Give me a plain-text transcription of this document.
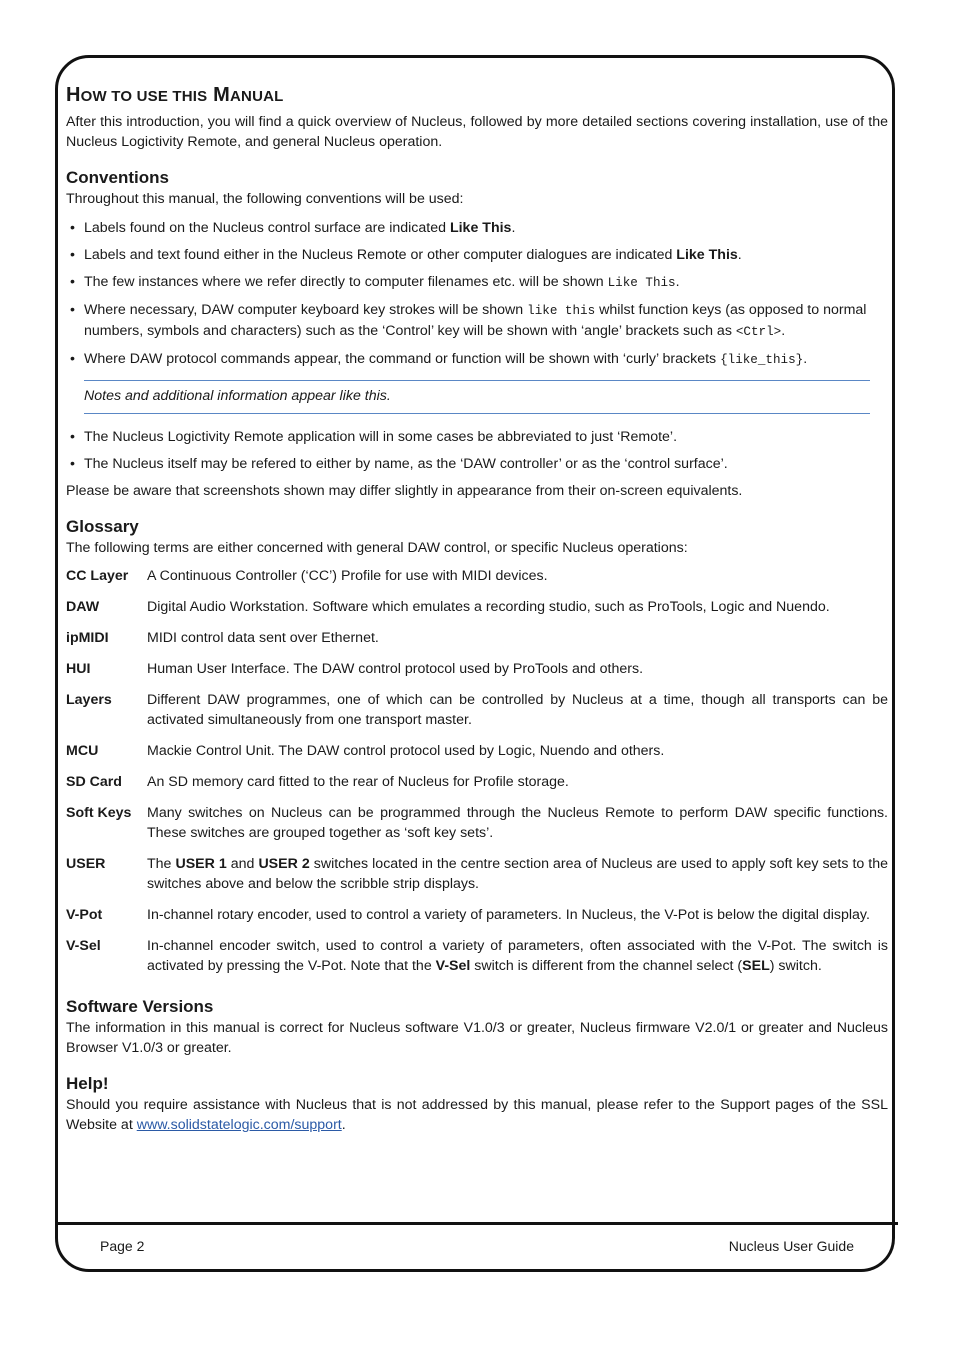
HOW TO USE THIS MANUAL

After this introduction, you will find a quick overview of Nucleus, followed by more detailed sections covering installation, use of the Nucleus Logictivity Remote, and general Nucleus operation.

Conventions

Throughout this manual, the following conventions will be used:

• Labels found on the Nucleus control surface are indicated Like This.
• Labels and text found either in the Nucleus Remote or other computer dialogues are indicated Like This.
• The few instances where we refer directly to computer filenames etc. will be shown Like This.
• Where necessary, DAW computer keyboard key strokes will be shown like this whilst function keys (as opposed to normal numbers, symbols and characters) such as the ‘Control’ key will be shown with ‘angle’ brackets such as <Ctrl>.
• Where DAW protocol commands appear, the command or function will be shown with ‘curly’ brackets {like_this}.
Notes and additional information appear like this.
• The Nucleus Logictivity Remote application will in some cases be abbreviated to just ‘Remote’.
• The Nucleus itself may be refered to either by name, as the ‘DAW controller’ or as the ‘control surface’.

Please be aware that screenshots shown may differ slightly in appearance from their on-screen equivalents.

Glossary

The following terms are either concerned with general DAW control, or specific Nucleus operations:

CC Layer	A Continuous Controller (‘CC’) Profile for use with MIDI devices.
DAW	Digital Audio Workstation. Software which emulates a recording studio, such as ProTools, Logic and Nuendo.
ipMIDI	MIDI control data sent over Ethernet.
HUI	Human User Interface. The DAW control protocol used by ProTools and others.
Layers	Different DAW programmes, one of which can be controlled by Nucleus at a time, though all transports can be activated simultaneously from one transport master.
MCU	Mackie Control Unit. The DAW control protocol used by Logic, Nuendo and others.
SD Card	An SD memory card fitted to the rear of Nucleus for Profile storage.
Soft Keys	Many switches on Nucleus can be programmed through the Nucleus Remote to perform DAW specific functions. These switches are grouped together as ‘soft key sets’.
USER	The USER 1 and USER 2 switches located in the centre section area of Nucleus are used to apply soft key sets to the switches above and below the scribble strip displays.
V-Pot	In-channel rotary encoder, used to control a variety of parameters. In Nucleus, the V-Pot is below the digital display.
V-Sel	In-channel encoder switch, used to control a variety of parameters, often associated with the V-Pot. The switch is activated by pressing the V-Pot. Note that the V-Sel switch is different from the channel select (SEL) switch.
Software Versions

The information in this manual is correct for Nucleus software V1.0/3 or greater, Nucleus firmware V2.0/1 or greater and Nucleus Browser V1.0/3 or greater.

Help!

Should you require assistance with Nucleus that is not addressed by this manual, please refer to the Support pages of the SSL Website at www.solidstatelogic.com/support.

Page 2	Nucleus User Guide
